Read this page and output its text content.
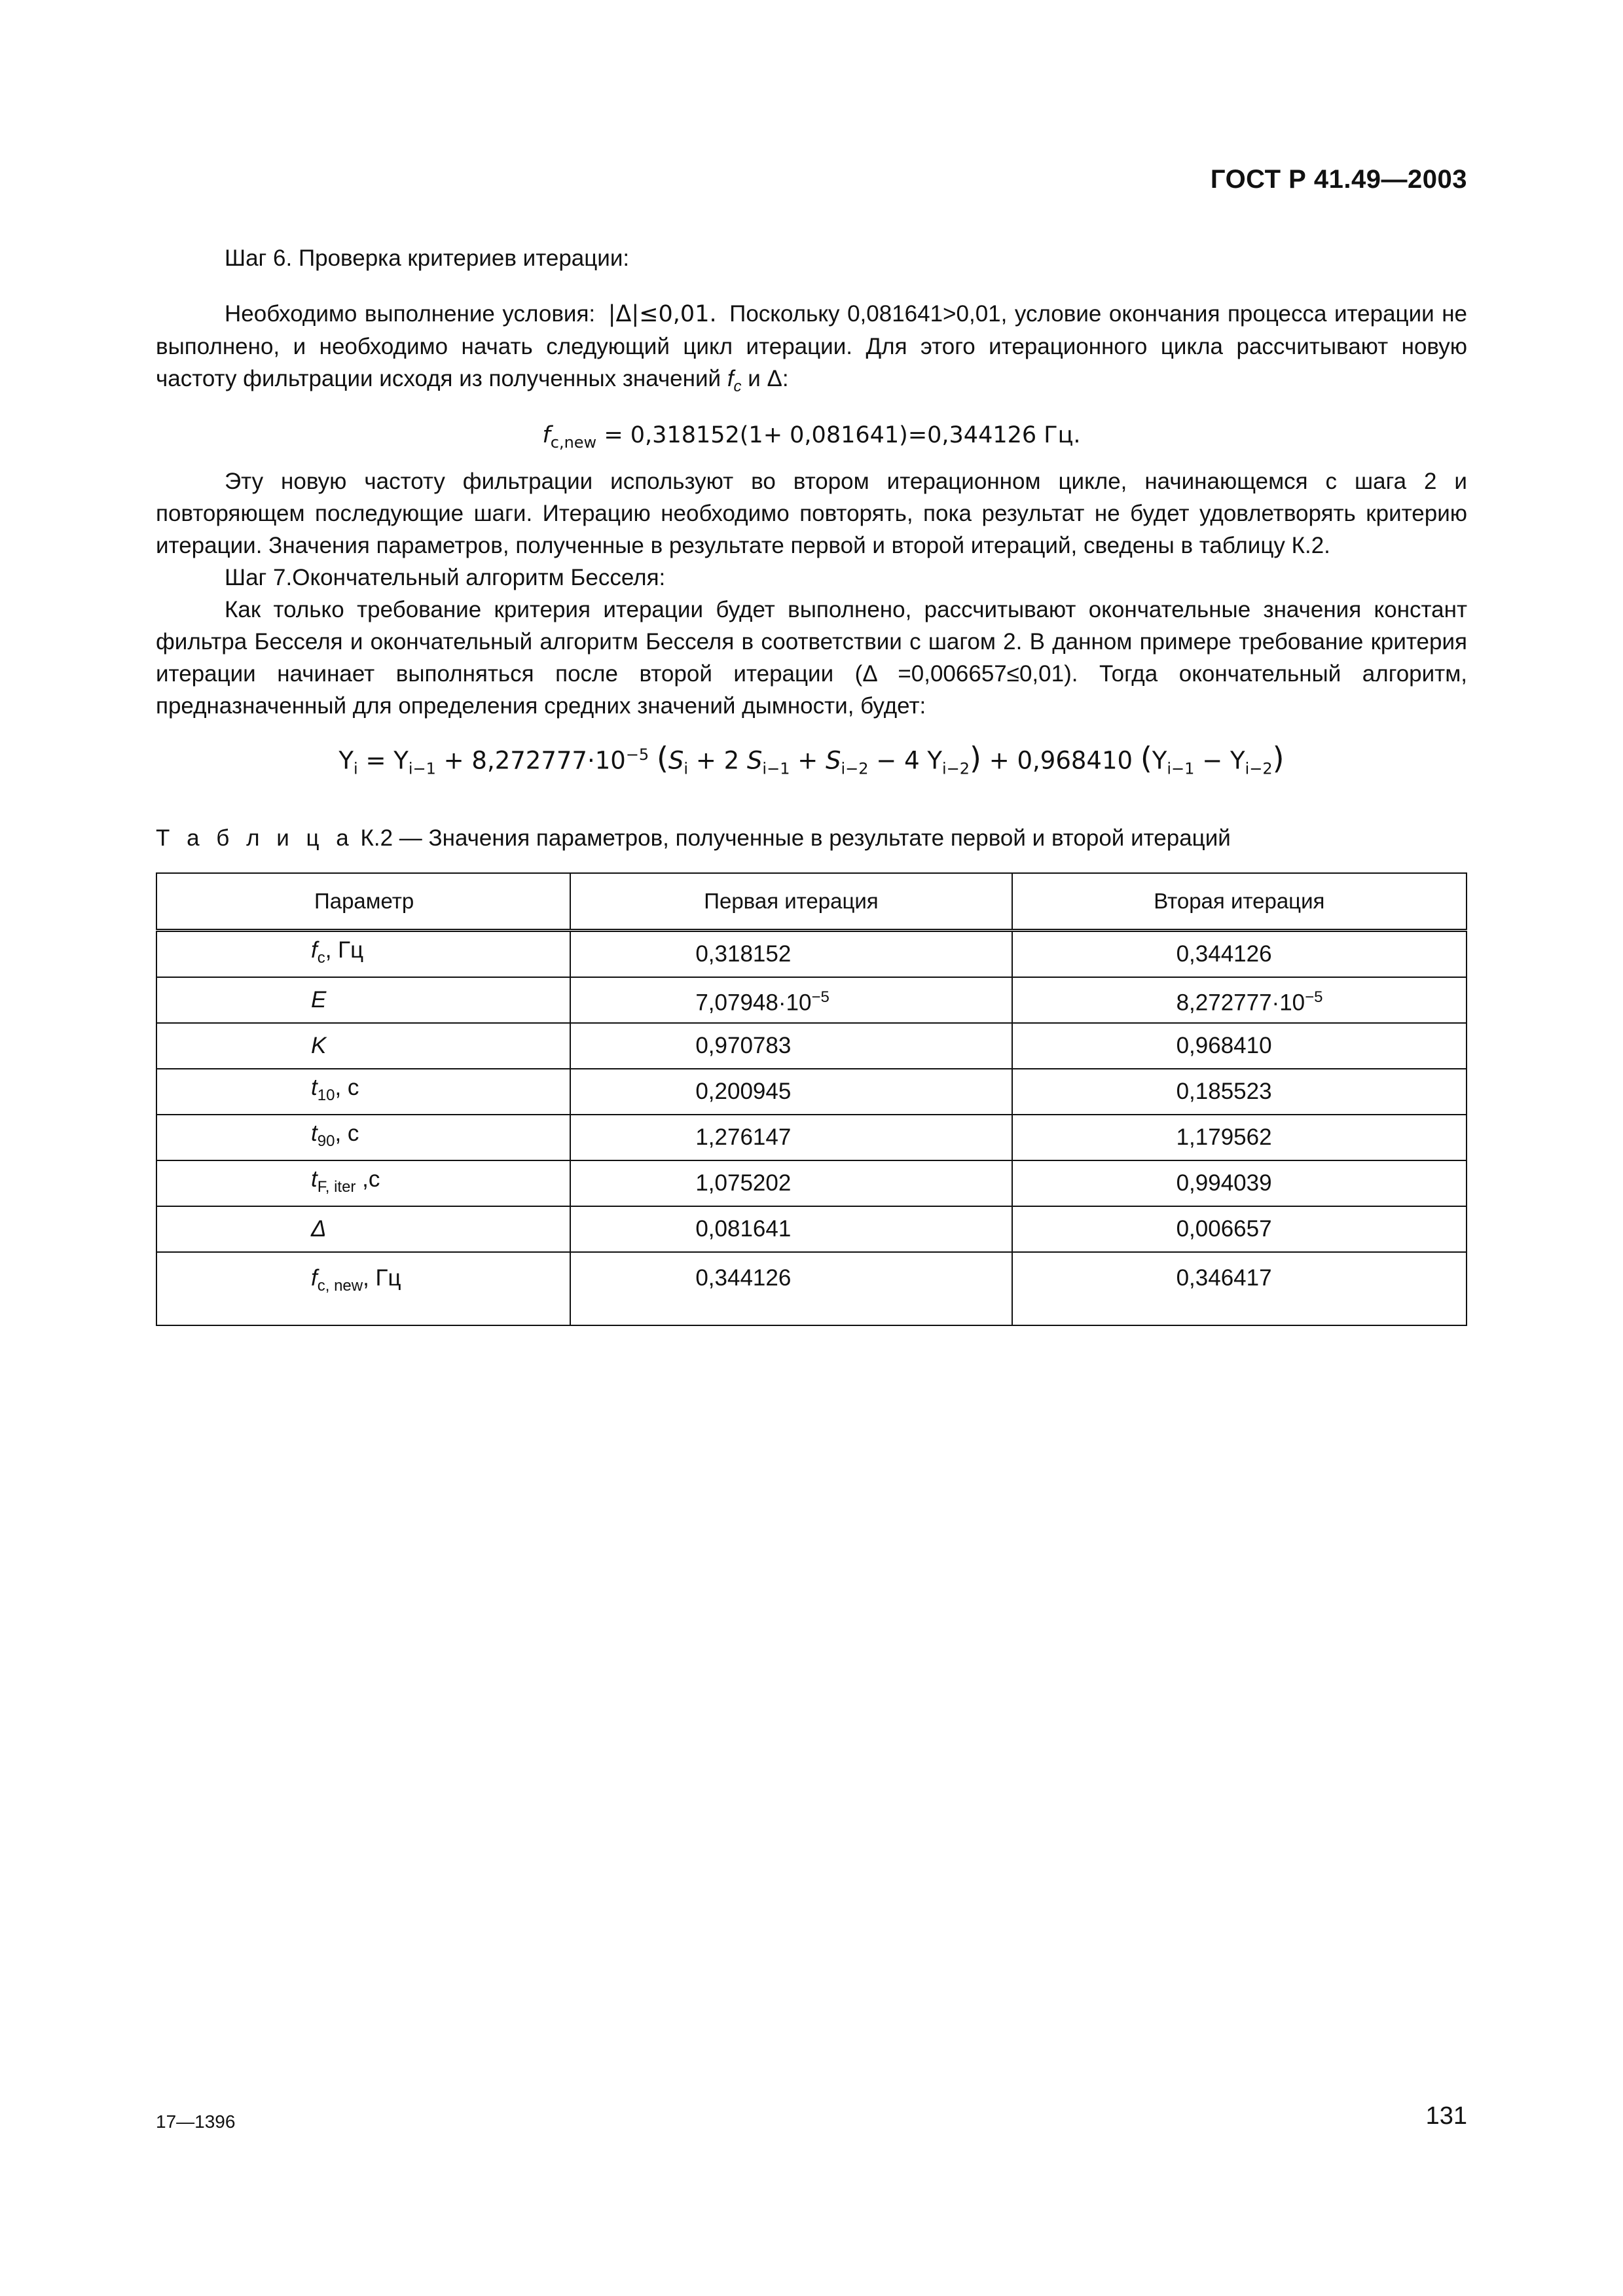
ГОСТ Р 41.49—2003

Шаг 6. Проверка критериев итерации:

Необходимо выполнение условия: |Δ|≤0,01. Поскольку 0,081641>0,01, условие окончания процесса итерации не выполнено, и необходимо начать следующий цикл итерации. Для этого итерационного цикла рассчитывают новую частоту фильтрации исходя из полученных значений $f_c$ и Δ:

$f_{c,new} = 0,318152(1+ 0,081641)=0,344126$ Гц.

Эту новую частоту фильтрации используют во втором итерационном цикле, начинающемся с шага 2 и повторяющем последующие шаги. Итерацию необходимо повторять, пока результат не будет удовлетворять критерию итерации. Значения параметров, полученные в результате первой и второй итераций, сведены в таблицу К.2.

Шаг 7.Окончательный алгоритм Бесселя:

Как только требование критерия итерации будет выполнено, рассчитывают окончательные значения констант фильтра Бесселя и окончательный алгоритм Бесселя в соответствии с шагом 2. В данном примере требование критерия итерации начинает выполняться после второй итерации (Δ =0,006657≤0,01). Тогда окончательный алгоритм, предназначенный для определения средних значений дымности, будет:

$Y_i = Y_{i-1} + 8,272777\cdot 10^{-5}$ ($S_i + 2$ $S_{i-1} + S_{i-2} - 4$ $Y_{i-2}) + 0,968410$ $(Y_{i-1} - Y_{i-2})$
Т а б л и ц а К.2 — Значения параметров, полученные в результате первой и второй итераций
Параметр	Первая итерация	Вторая итерация
$f_c$, Гц	0,318152	0,344126
E	$7,07948\cdot 10^{-5}$	$8,272777\cdot 10^{-5}$
K	0,970783	0,968410
$t_{10}$, с	0,200945	0,185523
$t_{90}$, с	1,276147	1,179562
$t_{F, iter}$ ,с	1,075202	0,994039
Δ	0,081641	0,006657
$f_{c, new}$, Гц	0,344126	0,346417
17—1396	131
